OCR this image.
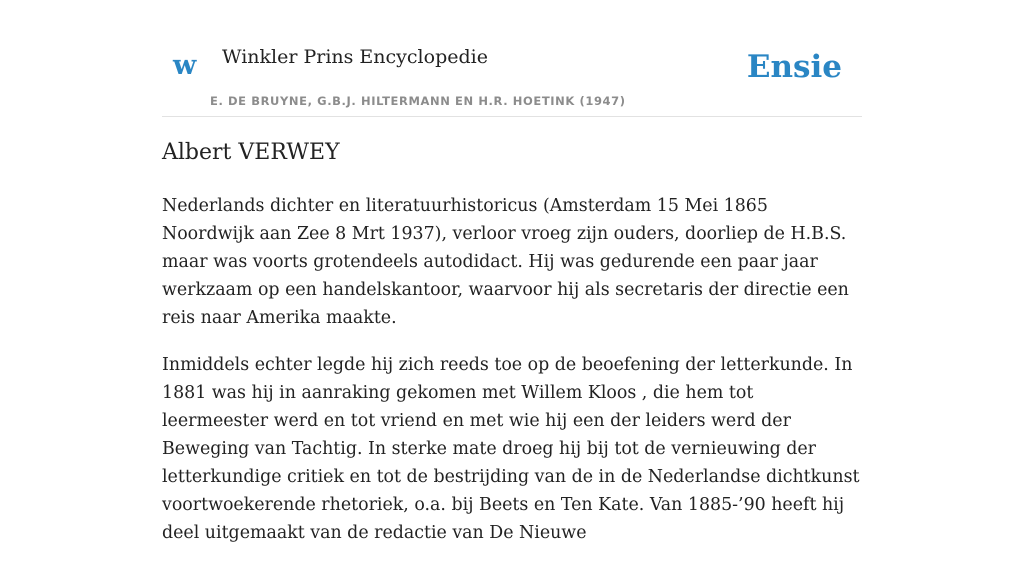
w Winkler Prins Encyclopedie
E. DE BRUYNE, G.B.J. HILTERMANN EN H.R. HOETINK (1947)
Ensie
Albert VERWEY

Nederlands dichter en literatuurhistoricus (Amsterdam 15 Mei 1865 Noordwijk aan Zee 8 Mrt 1937), verloor vroeg zijn ouders, doorliep de H.B.S. maar was voorts grotendeels autodidact. Hij was gedurende een paar jaar werkzaam op een handelskantoor, waarvoor hij als secretaris der directie een reis naar Amerika maakte.

Inmiddels echter legde hij zich reeds toe op de beoefening der letterkunde. In 1881 was hij in aanraking gekomen met Willem Kloos , die hem tot leermeester werd en tot vriend en met wie hij een der leiders werd der Beweging van Tachtig. In sterke mate droeg hij bij tot de vernieuwing der letterkundige critiek en tot de bestrijding van de in de Nederlandse dichtkunst voortwoekerende rhetoriek, o.a. bij Beets en Ten Kate. Van 1885-’90 heeft hij deel uitgemaakt van de redactie van De Nieuwe
